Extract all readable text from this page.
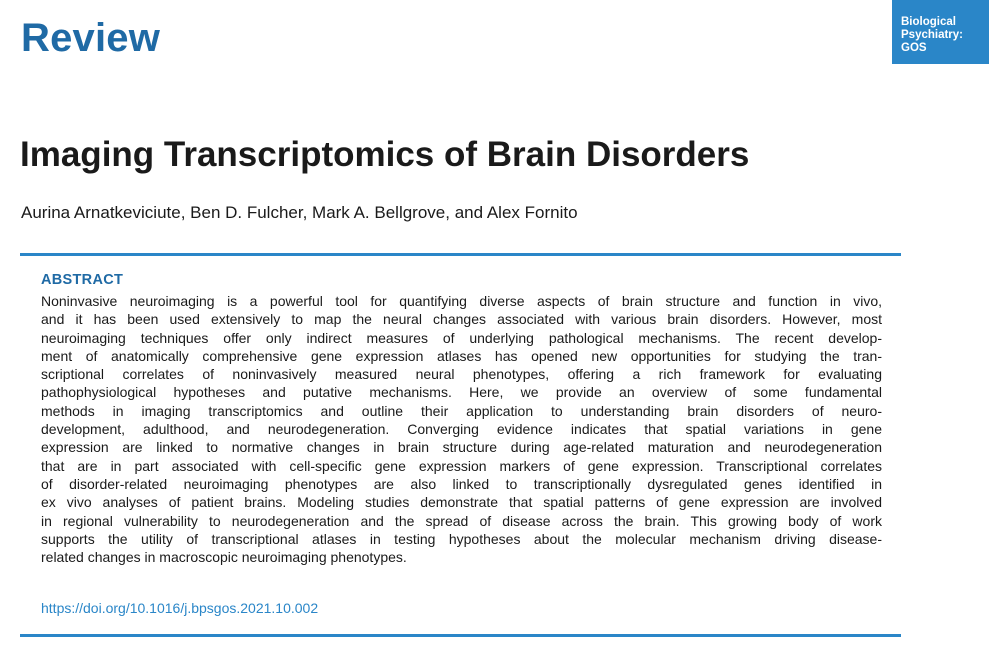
Review	Biological
Psychiatry:
GOS
Imaging Transcriptomics of Brain Disorders
Aurina Arnatkeviciute, Ben D. Fulcher, Mark A. Bellgrove, and Alex Fornito
ABSTRACT
Noninvasive neuroimaging is a powerful tool for quantifying diverse aspects of brain structure and function in vivo,
and it has been used extensively to map the neural changes associated with various brain disorders. However, most
neuroimaging techniques offer only indirect measures of underlying pathological mechanisms. The recent develop-
ment of anatomically comprehensive gene expression atlases has opened new opportunities for studying the tran-
scriptional correlates of noninvasively measured neural phenotypes, offering a rich framework for evaluating
pathophysiological hypotheses and putative mechanisms. Here, we provide an overview of some fundamental
methods in imaging transcriptomics and outline their application to understanding brain disorders of neuro-
development, adulthood, and neurodegeneration. Converging evidence indicates that spatial variations in gene
expression are linked to normative changes in brain structure during age-related maturation and neurodegeneration
that are in part associated with cell-specific gene expression markers of gene expression. Transcriptional correlates
of disorder-related neuroimaging phenotypes are also linked to transcriptionally dysregulated genes identified in
ex vivo analyses of patient brains. Modeling studies demonstrate that spatial patterns of gene expression are involved
in regional vulnerability to neurodegeneration and the spread of disease across the brain. This growing body of work
supports the utility of transcriptional atlases in testing hypotheses about the molecular mechanism driving disease-
related changes in macroscopic neuroimaging phenotypes.
https://doi.org/10.1016/j.bpsgos.2021.10.002
